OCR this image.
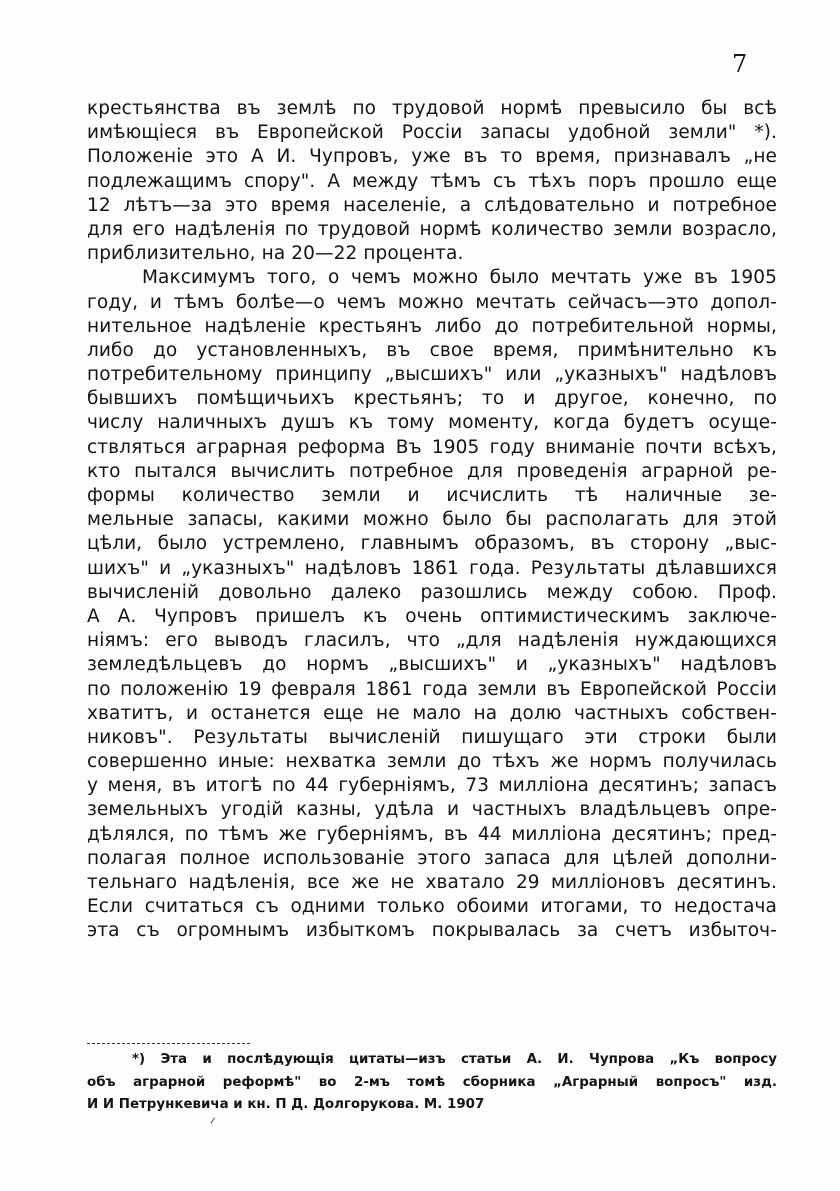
7
крестьянства въ землѣ по трудовой нормѣ превысило бы всѣ
имѣющiеся въ Европейской Россiи запасы удобной земли" *).
Положенiе это А И. Чупровъ, уже въ то время, признавалъ „не
подлежащимъ спору". А между тѣмъ съ тѣхъ поръ прошло еще
12 лѣтъ—за это время населенiе, а слѣдовательно и потребное
для его надѣленiя по трудовой нормѣ количество земли возрасло,
приблизительно, на 20—22 процента.
Максимумъ того, о чемъ можно было мечтать уже въ 1905
году, и тѣмъ болѣе—о чемъ можно мечтать сейчасъ—это допол-
нительное надѣленiе крестьянъ либо до потребительной нормы,
либо до установленныхъ, въ свое время, примѣнительно къ
потребительному принципу „высшихъ" или „указныхъ" надѣловъ
бывшихъ помѣщичьихъ крестьянъ; то и другое, конечно, по
числу наличныхъ душъ къ тому моменту, когда будетъ осуще-
ствляться аграрная реформа Въ 1905 году вниманiе почти всѣхъ,
кто пытался вычислить потребное для проведенiя аграрной ре-
формы количество земли и исчислить тѣ наличные зе-
мельные запасы, какими можно было бы располагать для этой
цѣли, было устремлено, главнымъ образомъ, въ сторону „выс-
шихъ" и „указныхъ" надѣловъ 1861 года. Результаты дѣлавшихся
вычисленiй довольно далеко разошлись между собою. Проф.
А А. Чупровъ пришелъ къ очень оптимистическимъ заключе-
нiямъ: его выводъ гласилъ, что „для надѣленiя нуждающихся
земледѣльцевъ до нормъ „высшихъ" и „указныхъ" надѣловъ
по положенiю 19 февраля 1861 года земли въ Европейской Россiи
хватитъ, и останется еще не мало на долю частныхъ собствен-
никовъ". Результаты вычисленiй пишущаго эти строки были
совершенно иные: нехватка земли до тѣхъ же нормъ получилась
у меня, въ итогѣ по 44 губернiямъ, 73 миллiона десятинъ; запасъ
земельныхъ угодiй казны, удѣла и частныхъ владѣльцевъ опре-
дѣлялся, по тѣмъ же губернiямъ, въ 44 миллiона десятинъ; пред-
полагая полное использованiе этого запаса для цѣлей дополни-
тельнаго надѣленiя, все же не хватало 29 миллiоновъ десятинъ.
Если считаться съ одними только обоими итогами, то недостача
эта съ огромнымъ избыткомъ покрывалась за счетъ избыточ-
*) Эта и послѣдующiя цитаты—изъ статьи А. И. Чупрова „Къ вопросу
объ аграрной реформѣ" во 2-мъ томѣ сборника „Аграрный вопросъ" изд.
И И Петрункевича и кн. П Д. Долгорукова. М. 1907
